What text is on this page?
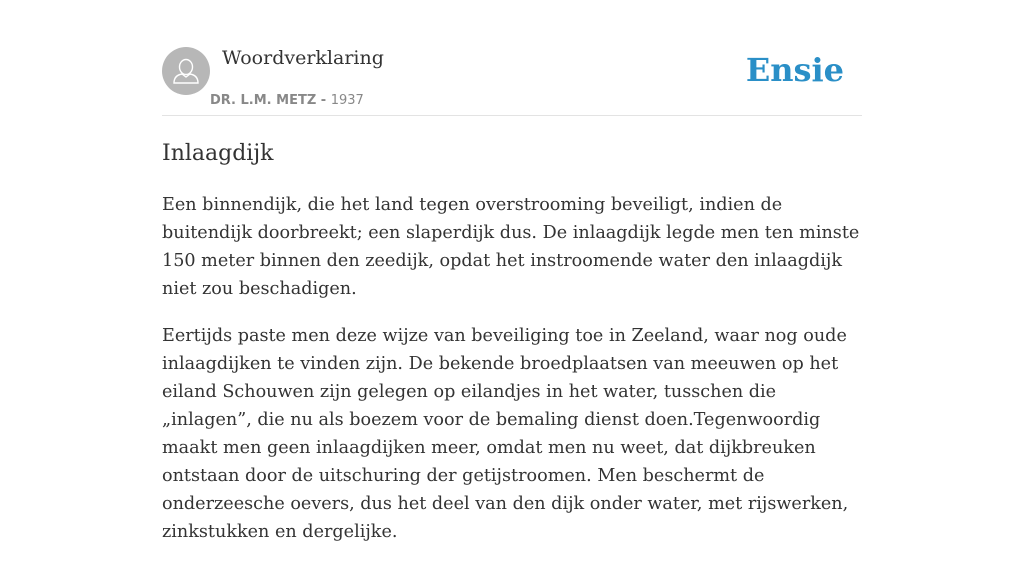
Woordverklaring
DR. L.M. METZ - 1937
Ensie
Inlaagdijk

Een binnendijk, die het land tegen overstrooming beveiligt, indien de buitendijk doorbreekt; een slaperdijk dus. De inlaagdijk legde men ten minste 150 meter binnen den zeedijk, opdat het instroomende water den inlaagdijk niet zou beschadigen.

Eertijds paste men deze wijze van beveiliging toe in Zeeland, waar nog oude inlaagdijken te vinden zijn. De bekende broedplaatsen van meeuwen op het eiland Schouwen zijn gelegen op eilandjes in het water, tusschen die „inlagen”, die nu als boezem voor de bemaling dienst doen.Tegenwoordig maakt men geen inlaagdijken meer, omdat men nu weet, dat dijkbreuken ontstaan door de uitschuring der getijstroomen. Men beschermt de onderzeesche oevers, dus het deel van den dijk onder water, met rijswerken, zinkstukken en dergelijke.
